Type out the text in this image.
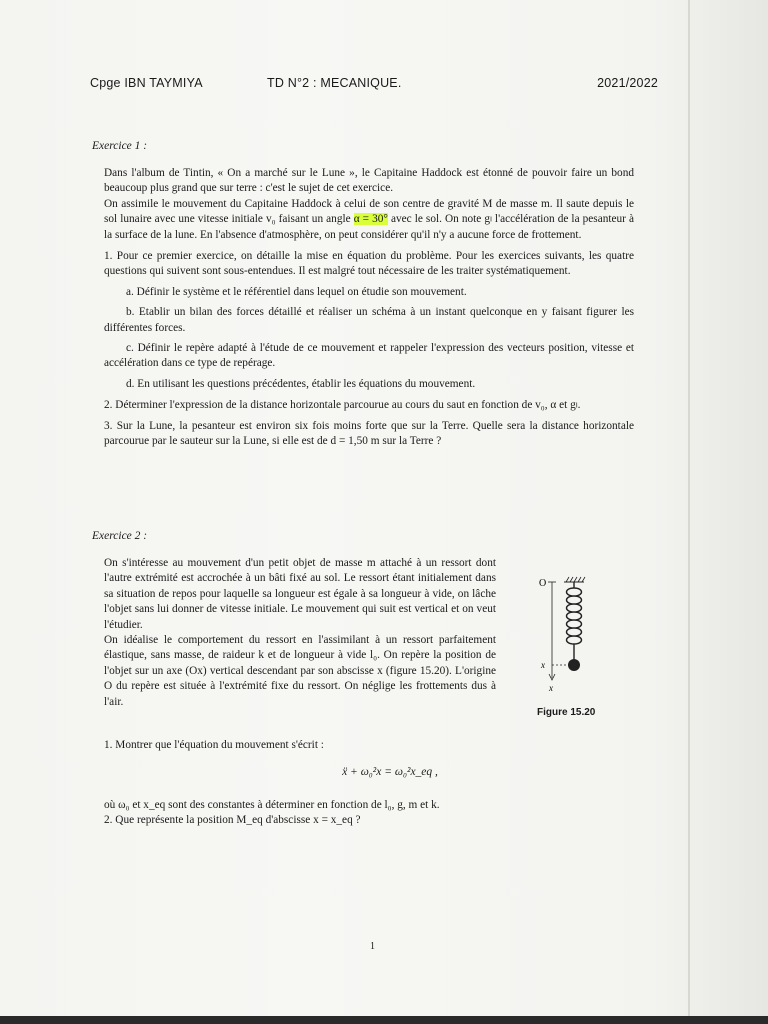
Cpge IBN TAYMIYA	TD N°2 : MECANIQUE.	2021/2022
Exercice 1 :

Dans l'album de Tintin, « On a marché sur le Lune », le Capitaine Haddock est étonné de pouvoir faire un bond beaucoup plus grand que sur terre : c'est le sujet de cet exercice.

On assimile le mouvement du Capitaine Haddock à celui de son centre de gravité M de masse m. Il saute depuis le sol lunaire avec une vitesse initiale v₀ faisant un angle α = 30° avec le sol. On note gₗ l'accélération de la pesanteur à la surface de la lune. En l'absence d'atmosphère, on peut considérer qu'il n'y a aucune force de frottement.

1. Pour ce premier exercice, on détaille la mise en équation du problème. Pour les exercices suivants, les quatre questions qui suivent sont sous-entendues. Il est malgré tout nécessaire de les traiter systématiquement.

a. Définir le système et le référentiel dans lequel on étudie son mouvement.

b. Etablir un bilan des forces détaillé et réaliser un schéma à un instant quelconque en y faisant figurer les différentes forces.

c. Définir le repère adapté à l'étude de ce mouvement et rappeler l'expression des vecteurs position, vitesse et accélération dans ce type de repérage.

d. En utilisant les questions précédentes, établir les équations du mouvement.

2. Déterminer l'expression de la distance horizontale parcourue au cours du saut en fonction de v₀, α et gₗ.

3. Sur la Lune, la pesanteur est environ six fois moins forte que sur la Terre. Quelle sera la distance horizontale parcourue par le sauteur sur la Lune, si elle est de d = 1,50 m sur la Terre ?

Exercice 2 :

On s'intéresse au mouvement d'un petit objet de masse m attaché à un ressort dont l'autre extrémité est accrochée à un bâti fixé au sol. Le ressort étant initialement dans sa situation de repos pour laquelle sa longueur est égale à sa longueur à vide, on lâche l'objet sans lui donner de vitesse initiale. Le mouvement qui suit est vertical et on veut l'étudier.

On idéalise le comportement du ressort en l'assimilant à un ressort parfaitement élastique, sans masse, de raideur k et de longueur à vide l₀. On repère la position de l'objet sur un axe (Ox) vertical descendant par son abscisse x (figure 15.20). L'origine O du repère est située à l'extrémité fixe du ressort. On néglige les frottements dus à l'air.

1. Montrer que l'équation du mouvement s'écrit :
ẍ + ω₀²x = ω₀²x_eq ,

où ω₀ et x_eq sont des constantes à déterminer en fonction de l₀, g, m et k.

2. Que représente la position M_eq d'abscisse x = x_eq ?

O
x
x
Figure 15.20
1
